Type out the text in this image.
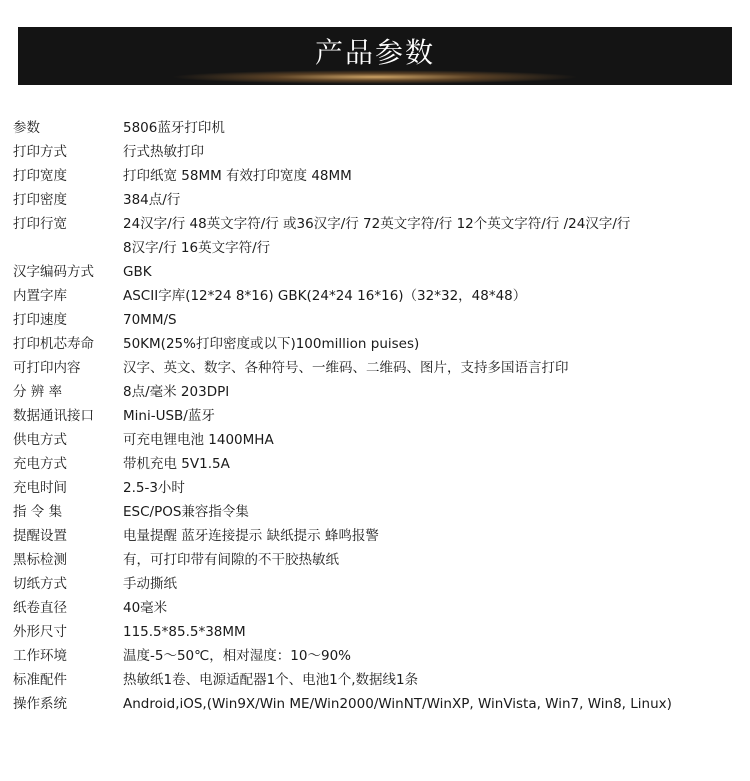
产品参数
参数	5806蓝牙打印机
打印方式	行式热敏打印
打印宽度	打印纸宽 58MM 有效打印宽度 48MM
打印密度	384点/行
打印行宽	24汉字/行 48英文字符/行 或36汉字/行 72英文字符/行 12个英文字符/行 /24汉字/行
8汉字/行 16英文字符/行
汉字编码方式 GBK
内置字库	ASCII字库(12*24 8*16) GBK(24*24 16*16)（32*32，48*48）
打印速度	70MM/S
打印机芯寿命 50KM(25%打印密度或以下)100million puises)
可打印内容	汉字、英文、数字、各种符号、一维码、二维码、图片，支持多国语言打印
分 辨 率	8点/毫米 203DPI
数据通讯接口 Mini-USB/蓝牙
供电方式	可充电锂电池 1400MHA
充电方式	带机充电 5V1.5A
充电时间	2.5-3小时
指 令 集	ESC/POS兼容指令集
提醒设置	电量提醒 蓝牙连接提示 缺纸提示 蜂鸣报警
黑标检测	有，可打印带有间隙的不干胶热敏纸
切纸方式	手动撕纸
纸卷直径	40毫米
外形尺寸	115.5*85.5*38MM
工作环境	温度-5～50℃，相对湿度：10～90%
标准配件	热敏纸1卷、电源适配器1个、电池1个,数据线1条
操作系统	Android,iOS,(Win9X/Win ME/Win2000/WinNT/WinXP, WinVista, Win7, Win8, Linux)
